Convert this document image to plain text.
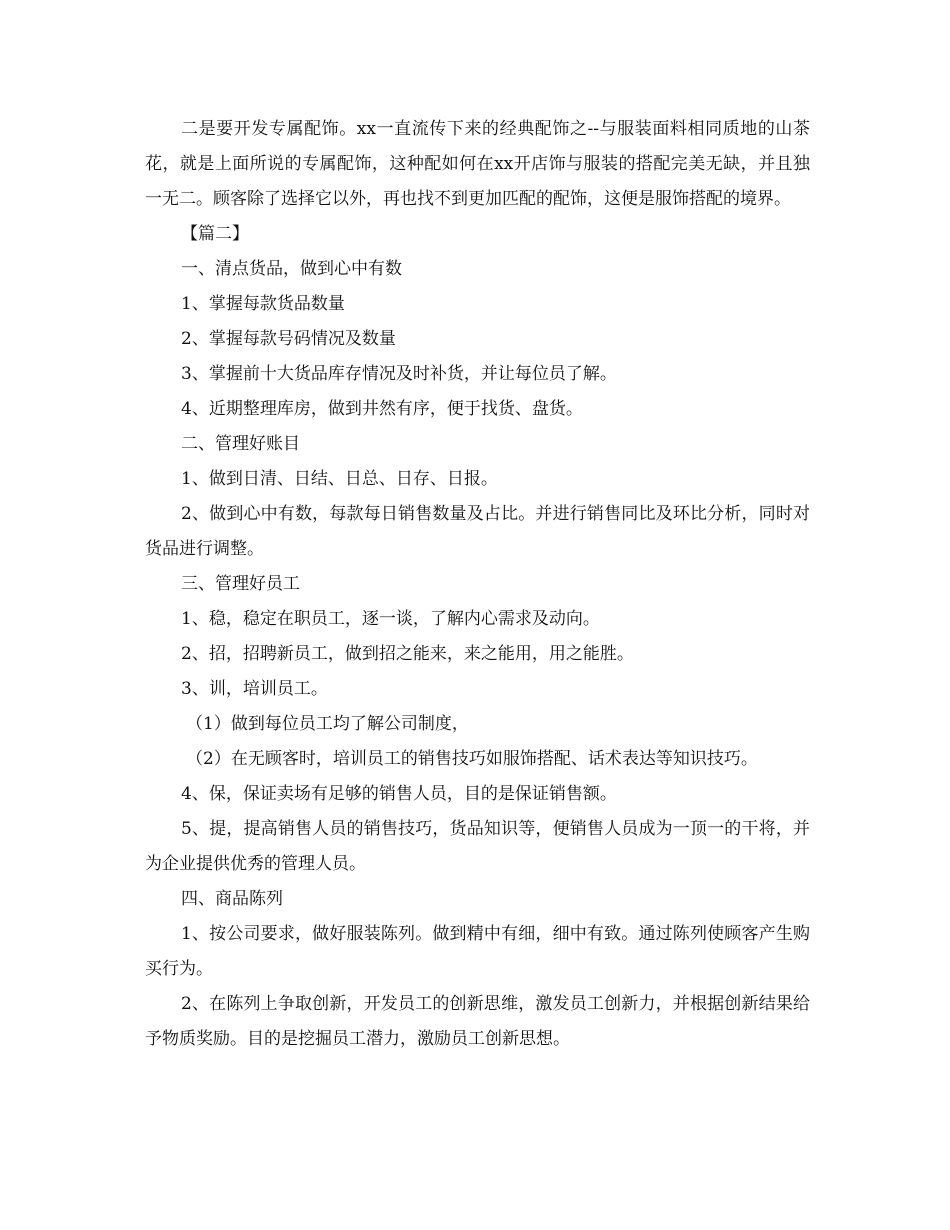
二是要开发专属配饰。xx一直流传下来的经典配饰之--与服装面料相同质地的山茶花，就是上面所说的专属配饰，这种配如何在xx开店饰与服装的搭配完美无缺，并且独一无二。顾客除了选择它以外，再也找不到更加匹配的配饰，这便是服饰搭配的境界。

【篇二】

一、清点货品，做到心中有数

1、掌握每款货品数量

2、掌握每款号码情况及数量

3、掌握前十大货品库存情况及时补货，并让每位员了解。

4、近期整理库房，做到井然有序，便于找货、盘货。

二、管理好账目

1、做到日清、日结、日总、日存、日报。

2、做到心中有数，每款每日销售数量及占比。并进行销售同比及环比分析，同时对货品进行调整。

三、管理好员工

1、稳，稳定在职员工，逐一谈，了解内心需求及动向。

2、招，招聘新员工，做到招之能来，来之能用，用之能胜。

3、训，培训员工。

（1）做到每位员工均了解公司制度，

（2）在无顾客时，培训员工的销售技巧如服饰搭配、话术表达等知识技巧。

4、保，保证卖场有足够的销售人员，目的是保证销售额。

5、提，提高销售人员的销售技巧，货品知识等，便销售人员成为一顶一的干将，并为企业提供优秀的管理人员。

四、商品陈列

1、按公司要求，做好服装陈列。做到精中有细，细中有致。通过陈列使顾客产生购买行为。

2、在陈列上争取创新，开发员工的创新思维，激发员工创新力，并根据创新结果给予物质奖励。目的是挖掘员工潜力，激励员工创新思想。
